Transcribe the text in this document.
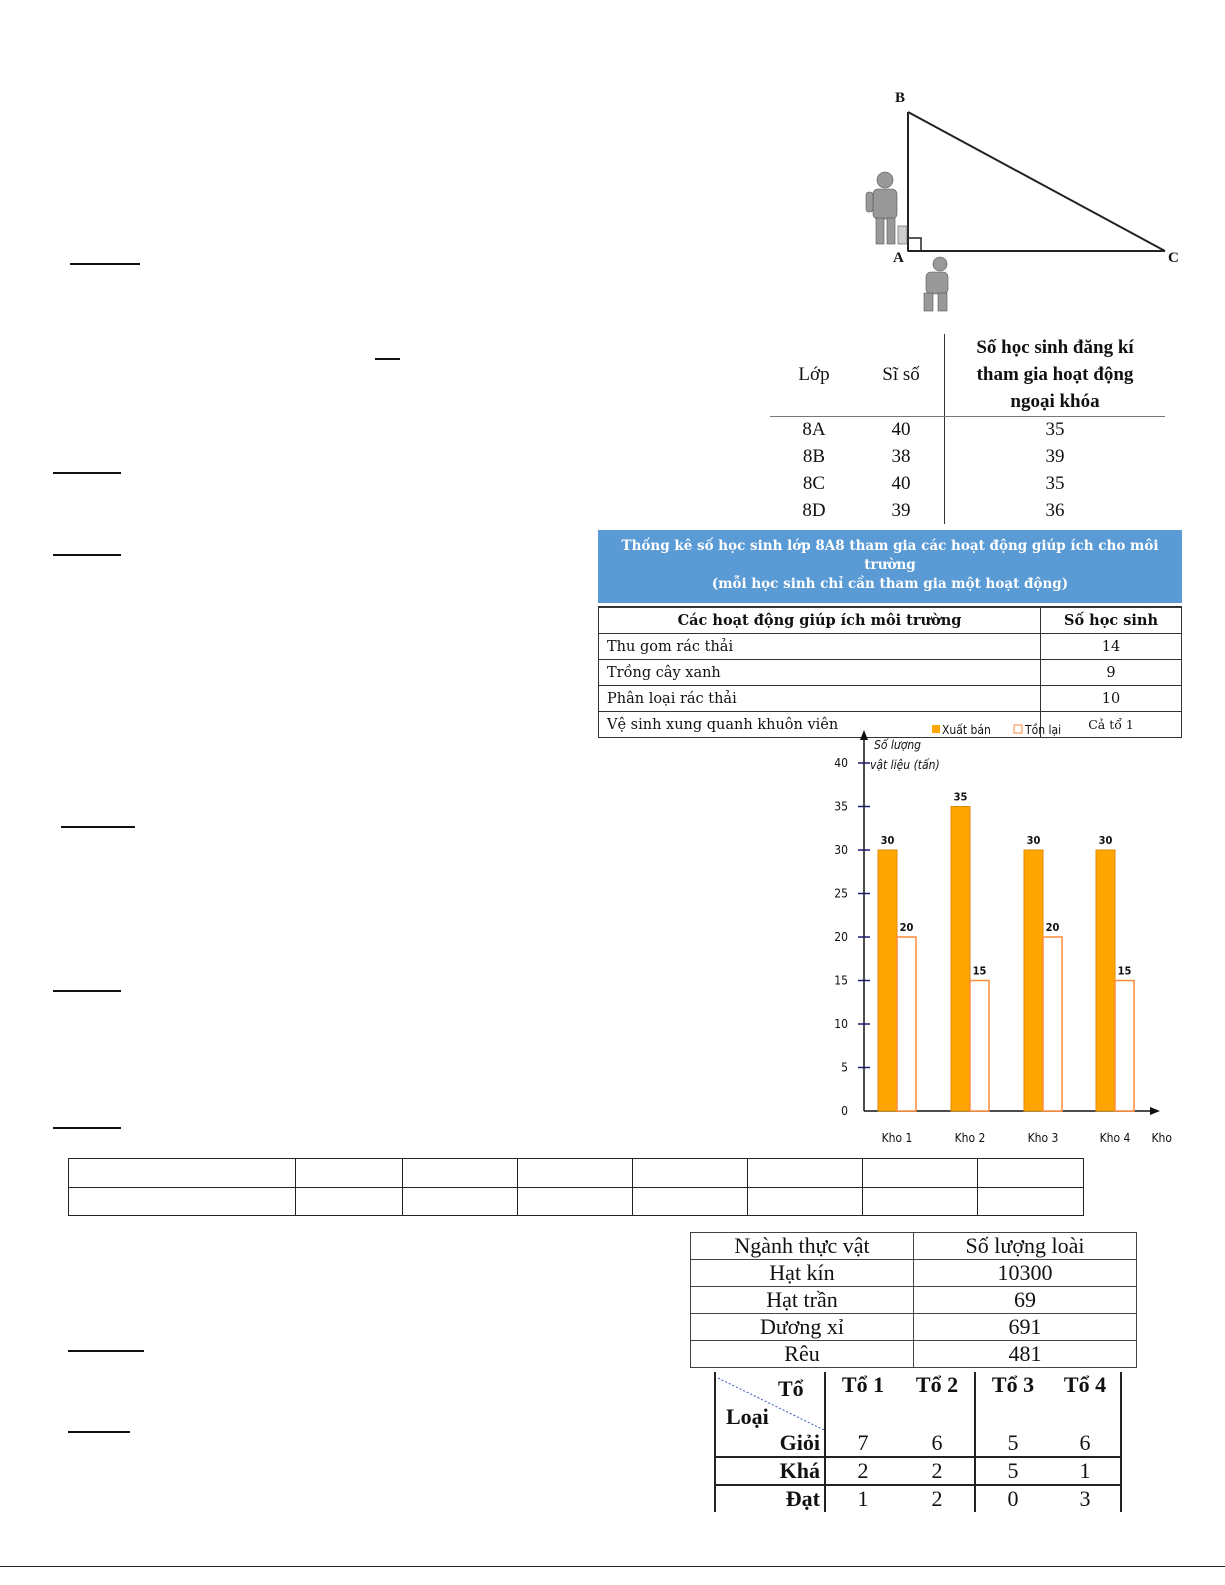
B
A	C
Lớp	Sĩ số	Số học sinh đăng kí tham gia hoạt động ngoại khóa
8A	40	35
8B	38	39
8C	40	35
8D	39	36
Thống kê số học sinh lớp 8A8 tham gia các hoạt động giúp ích cho môi trường
(mỗi học sinh chỉ cần tham gia một hoạt động)
Các hoạt động giúp ích môi trường	Số học sinh
Thu gom rác thải	14
Trồng cây xanh	9
Phân loại rác thải	10
Vệ sinh xung quanh khuôn viên	Cả tổ 1
0
5
10
15
20
25
30
35
40
Số lượng
vật liệu (tấn)
Xuất bán	Tồn lại
30
20
Kho 1
35
15
Kho 2
30
20
Kho 3
30
15
Kho 4 Kho

Ngành thực vật	Số lượng loài
Hạt kín	10300
Hạt trần	69
Dương xỉ	691
Rêu	481
Tổ
Loại	Tổ 1	Tổ 2	Tổ 3	Tổ 4
Giỏi	7	6	5	6
Khá	2	2	5	1
Đạt	1	2	0	3
